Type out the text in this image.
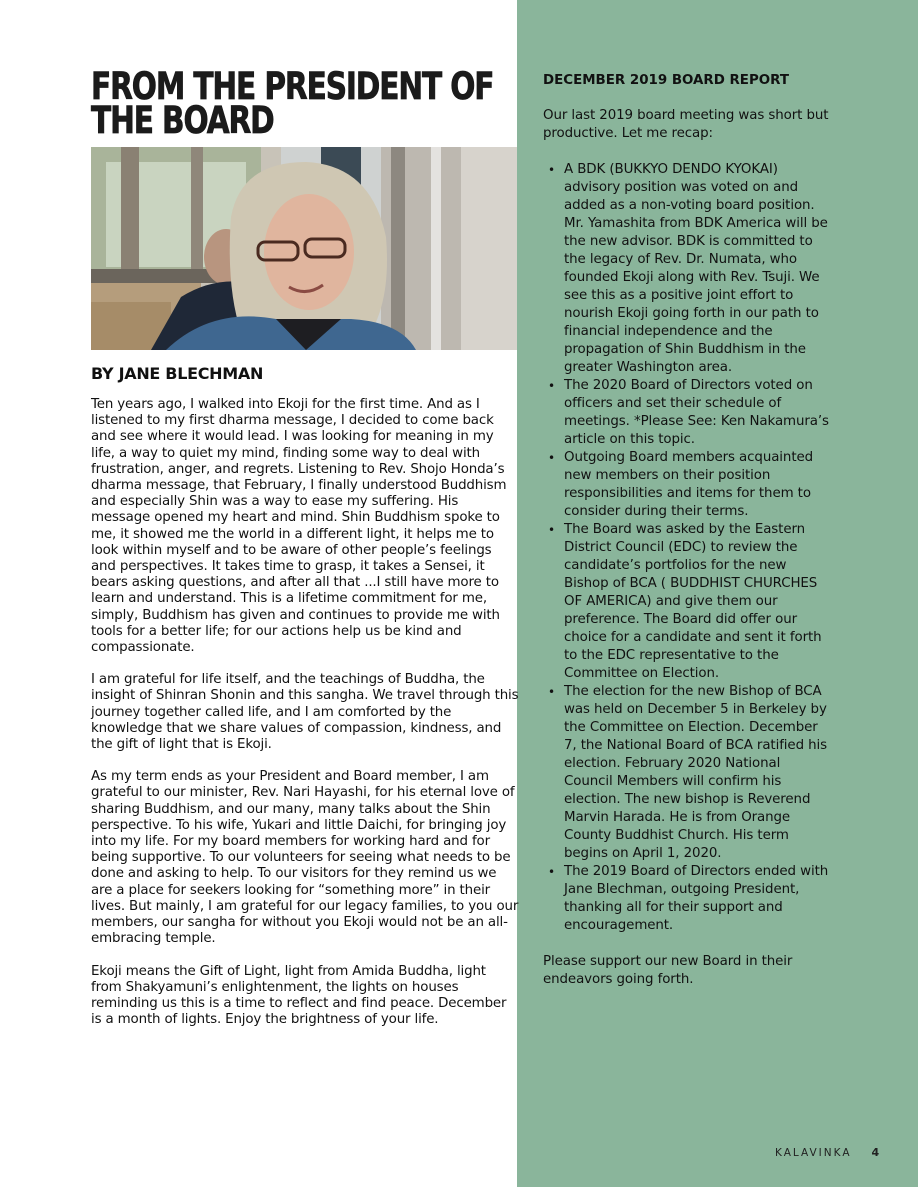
FROM THE PRESIDENT OF THE BOARD
BY JANE BLECHMAN

Ten years ago, I walked into Ekoji for the first time. And as I listened to my first dharma message, I decided to come back and see where it would lead. I was looking for meaning in my life, a way to quiet my mind, finding some way to deal with frustration, anger, and regrets. Listening to Rev. Shojo Honda’s dharma message, that February, I finally understood Buddhism and especially Shin was a way to ease my suffering. His message opened my heart and mind. Shin Buddhism spoke to me, it showed me the world in a different light, it helps me to look within myself and to be aware of other people’s feelings and perspectives. It takes time to grasp, it takes a Sensei, it bears asking questions, and after all that ...I still have more to learn and understand. This is a lifetime commitment for me, simply, Buddhism has given and continues to provide me with tools for a better life; for our actions help us be kind and compassionate.

I am grateful for life itself, and the teachings of Buddha, the insight of Shinran Shonin and this sangha. We travel through this journey together called life, and I am comforted by the knowledge that we share values of compassion, kindness, and the gift of light that is Ekoji.

As my term ends as your President and Board member, I am grateful to our minister, Rev. Nari Hayashi, for his eternal love of sharing Buddhism, and our many, many talks about the Shin perspective. To his wife, Yukari and little Daichi, for bringing joy into my life. For my board members for working hard and for being supportive. To our volunteers for seeing what needs to be done and asking to help. To our visitors for they remind us we are a place for seekers looking for “something more” in their lives. But mainly, I am grateful for our legacy families, to you our members, our sangha for without you Ekoji would not be an all-embracing temple.

Ekoji means the Gift of Light, light from Amida Buddha, light from Shakyamuni’s enlightenment, the lights on houses reminding us this is a time to reflect and find peace. December is a month of lights. Enjoy the brightness of your life.

DECEMBER 2019 BOARD REPORT

Our last 2019 board meeting was short but productive. Let me recap:

• A BDK (BUKKYO DENDO KYOKAI) advisory position was voted on and added as a non-voting board position. Mr. Yamashita from BDK America will be the new advisor. BDK is committed to the legacy of Rev. Dr. Numata, who founded Ekoji along with Rev. Tsuji. We see this as a positive joint effort to nourish Ekoji going forth in our path to financial independence and the propagation of Shin Buddhism in the greater Washington area.
• The 2020 Board of Directors voted on officers and set their schedule of meetings. *Please See: Ken Nakamura’s article on this topic.
• Outgoing Board members acquainted new members on their position responsibilities and items for them to consider during their terms.
• The Board was asked by the Eastern District Council (EDC) to review the candidate’s portfolios for the new Bishop of BCA ( BUDDHIST CHURCHES OF AMERICA) and give them our preference. The Board did offer our choice for a candidate and sent it forth to the EDC representative to the Committee on Election.
• The election for the new Bishop of BCA was held on December 5 in Berkeley by the Committee on Election. December 7, the National Board of BCA ratified his election. February 2020 National Council Members will confirm his election. The new bishop is Reverend Marvin Harada. He is from Orange County Buddhist Church. His term begins on April 1, 2020.
• The 2019 Board of Directors ended with Jane Blechman, outgoing President, thanking all for their support and encouragement.

Please support our new Board in their endeavors going forth.

KALAVINKA 4
